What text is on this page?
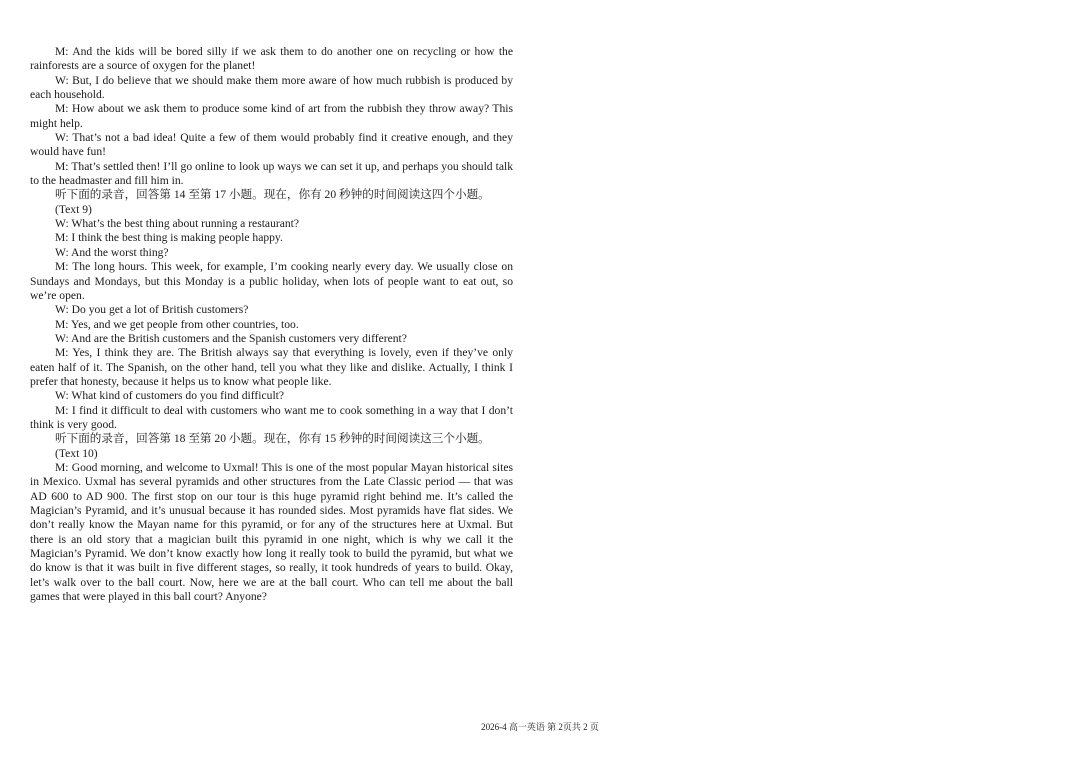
M: And the kids will be bored silly if we ask them to do another one on recycling or how the rainforests are a source of oxygen for the planet!

W: But, I do believe that we should make them more aware of how much rubbish is produced by each household.

M: How about we ask them to produce some kind of art from the rubbish they throw away? This might help.

W: That’s not a bad idea! Quite a few of them would probably find it creative enough, and they would have fun!

M: That’s settled then! I’ll go online to look up ways we can set it up, and perhaps you should talk to the headmaster and fill him in.

听下面的录音，回答第 14 至第 17 小题。现在，你有 20 秒钟的时间阅读这四个小题。

(Text 9)

W: What’s the best thing about running a restaurant?

M: I think the best thing is making people happy.

W: And the worst thing?

M: The long hours. This week, for example, I’m cooking nearly every day. We usually close on Sundays and Mondays, but this Monday is a public holiday, when lots of people want to eat out, so we’re open.

W: Do you get a lot of British customers?

M: Yes, and we get people from other countries, too.

W: And are the British customers and the Spanish customers very different?

M: Yes, I think they are. The British always say that everything is lovely, even if they’ve only eaten half of it. The Spanish, on the other hand, tell you what they like and dislike. Actually, I think I prefer that honesty, because it helps us to know what people like.

W: What kind of customers do you find difficult?

M: I find it difficult to deal with customers who want me to cook something in a way that I don’t think is very good.

听下面的录音，回答第 18 至第 20 小题。现在，你有 15 秒钟的时间阅读这三个小题。

(Text 10)

M: Good morning, and welcome to Uxmal! This is one of the most popular Mayan historical sites in Mexico. Uxmal has several pyramids and other structures from the Late Classic period — that was AD 600 to AD 900. The first stop on our tour is this huge pyramid right behind me. It’s called the Magician’s Pyramid, and it’s unusual because it has rounded sides. Most pyramids have flat sides. We don’t really know the Mayan name for this pyramid, or for any of the structures here at Uxmal. But there is an old story that a magician built this pyramid in one night, which is why we call it the Magician’s Pyramid. We don’t know exactly how long it really took to build the pyramid, but what we do know is that it was built in five different stages, so really, it took hundreds of years to build. Okay, let’s walk over to the ball court. Now, here we are at the ball court. Who can tell me about the ball games that were played in this ball court? Anyone?

2026-4 高一英语 第 2页共 2 页
